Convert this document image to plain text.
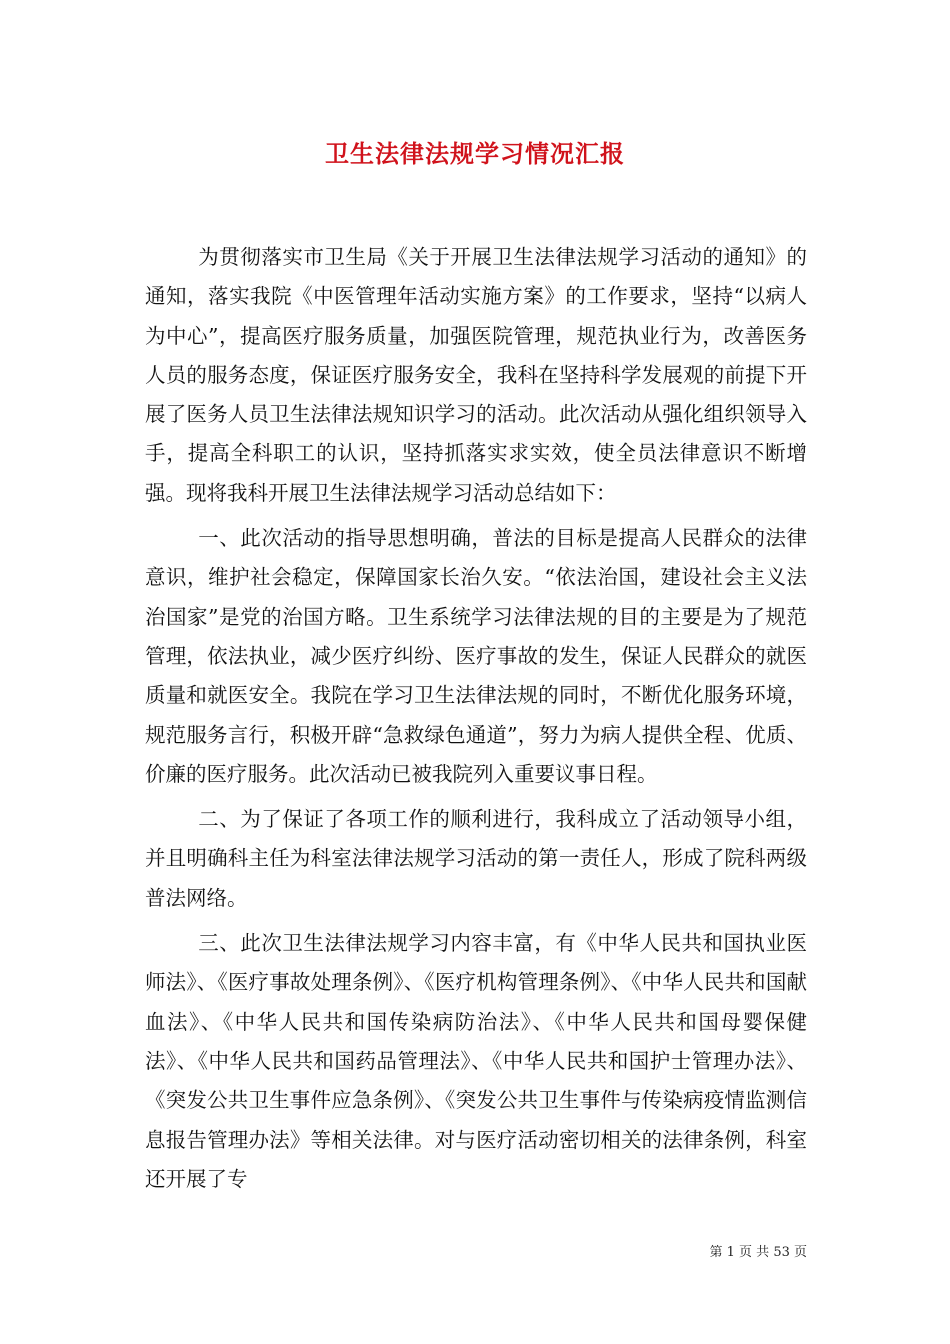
卫生法律法规学习情况汇报

为贯彻落实市卫生局《关于开展卫生法律法规学习活动的通知》的通知，落实我院《中医管理年活动实施方案》的工作要求，坚持“以病人为中心”，提高医疗服务质量，加强医院管理，规范执业行为，改善医务人员的服务态度，保证医疗服务安全，我科在坚持科学发展观的前提下开展了医务人员卫生法律法规知识学习的活动。此次活动从强化组织领导入手，提高全科职工的认识，坚持抓落实求实效，使全员法律意识不断增强。现将我科开展卫生法律法规学习活动总结如下：

一、此次活动的指导思想明确，普法的目标是提高人民群众的法律意识，维护社会稳定，保障国家长治久安。“依法治国，建设社会主义法治国家”是党的治国方略。卫生系统学习法律法规的目的主要是为了规范管理，依法执业，减少医疗纠纷、医疗事故的发生，保证人民群众的就医质量和就医安全。我院在学习卫生法律法规的同时，不断优化服务环境，规范服务言行，积极开辟“急救绿色通道”，努力为病人提供全程、优质、价廉的医疗服务。此次活动已被我院列入重要议事日程。

二、为了保证了各项工作的顺利进行，我科成立了活动领导小组，并且明确科主任为科室法律法规学习活动的第一责任人，形成了院科两级普法网络。

三、此次卫生法律法规学习内容丰富，有《中华人民共和国执业医师法》、《医疗事故处理条例》、《医疗机构管理条例》、《中华人民共和国献血法》、《中华人民共和国传染病防治法》、《中华人民共和国母婴保健法》、《中华人民共和国药品管理法》、《中华人民共和国护士管理办法》、《突发公共卫生事件应急条例》、《突发公共卫生事件与传染病疫情监测信息报告管理办法》等相关法律。对与医疗活动密切相关的法律条例，科室还开展了专

第 1 页 共 53 页
